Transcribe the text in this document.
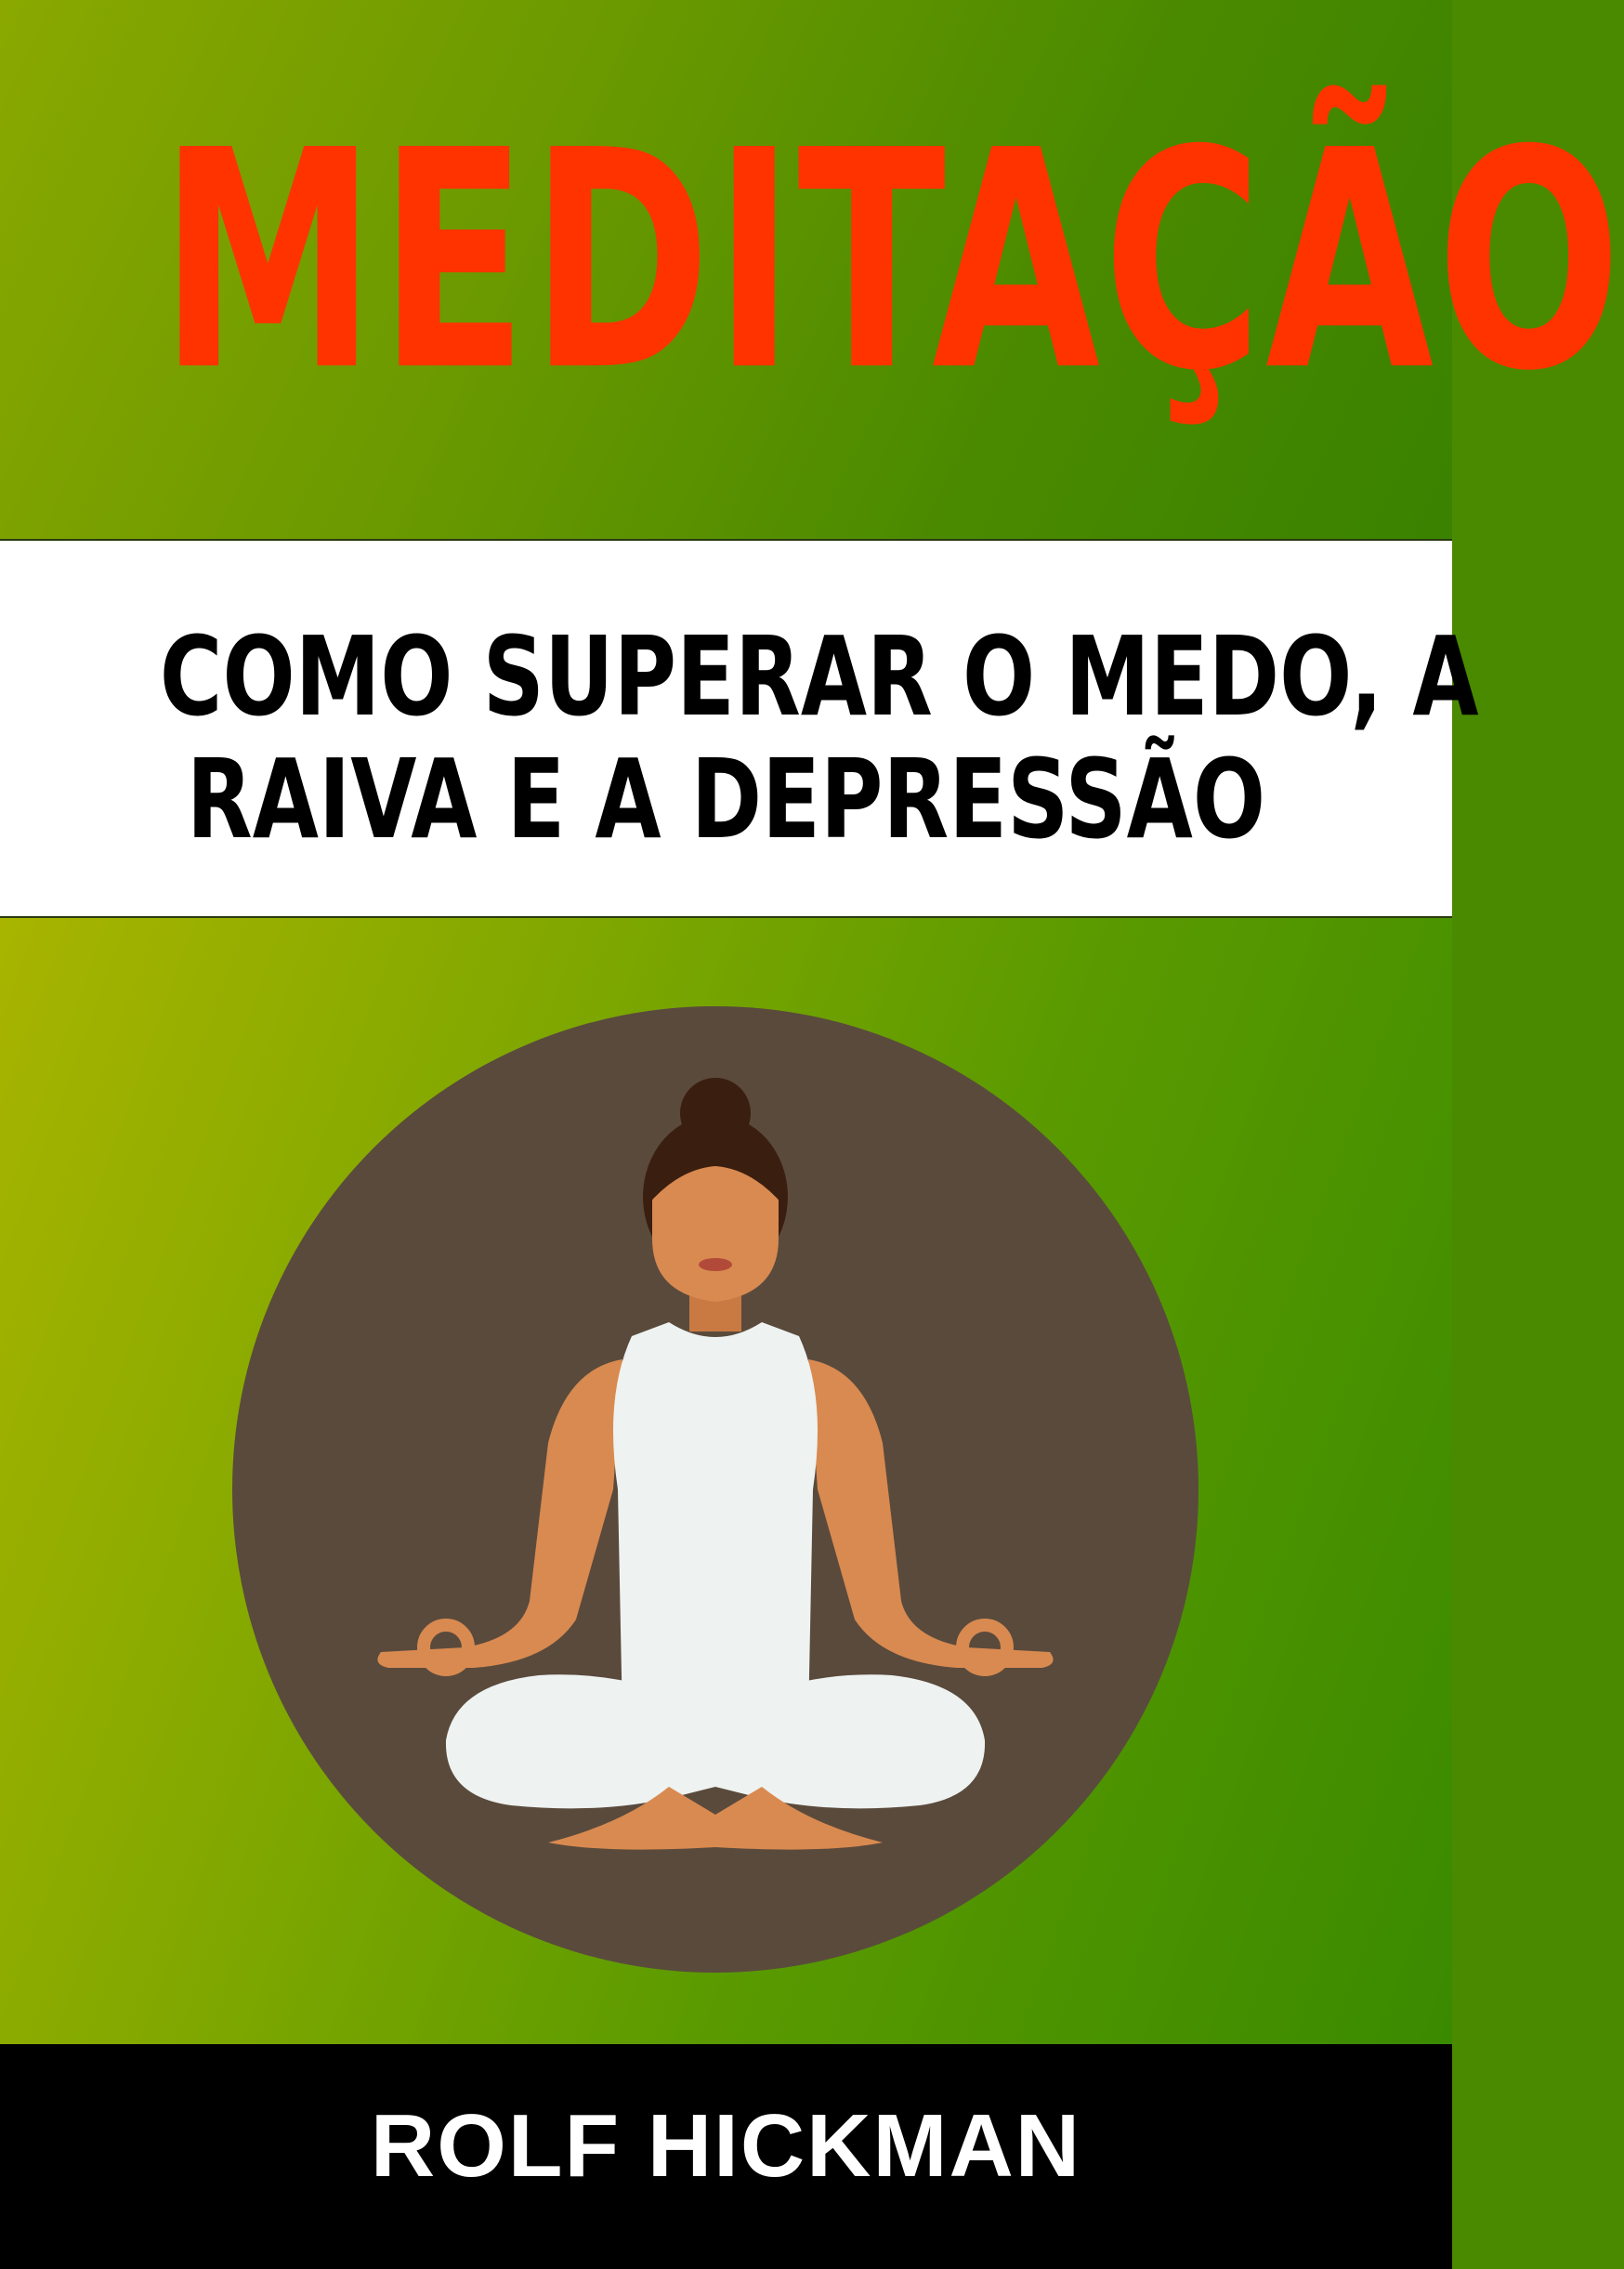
MEDITAÇÃO
COMO SUPERAR O MEDO, A
RAIVA E A DEPRESSÃO
ROLF HICKMAN
